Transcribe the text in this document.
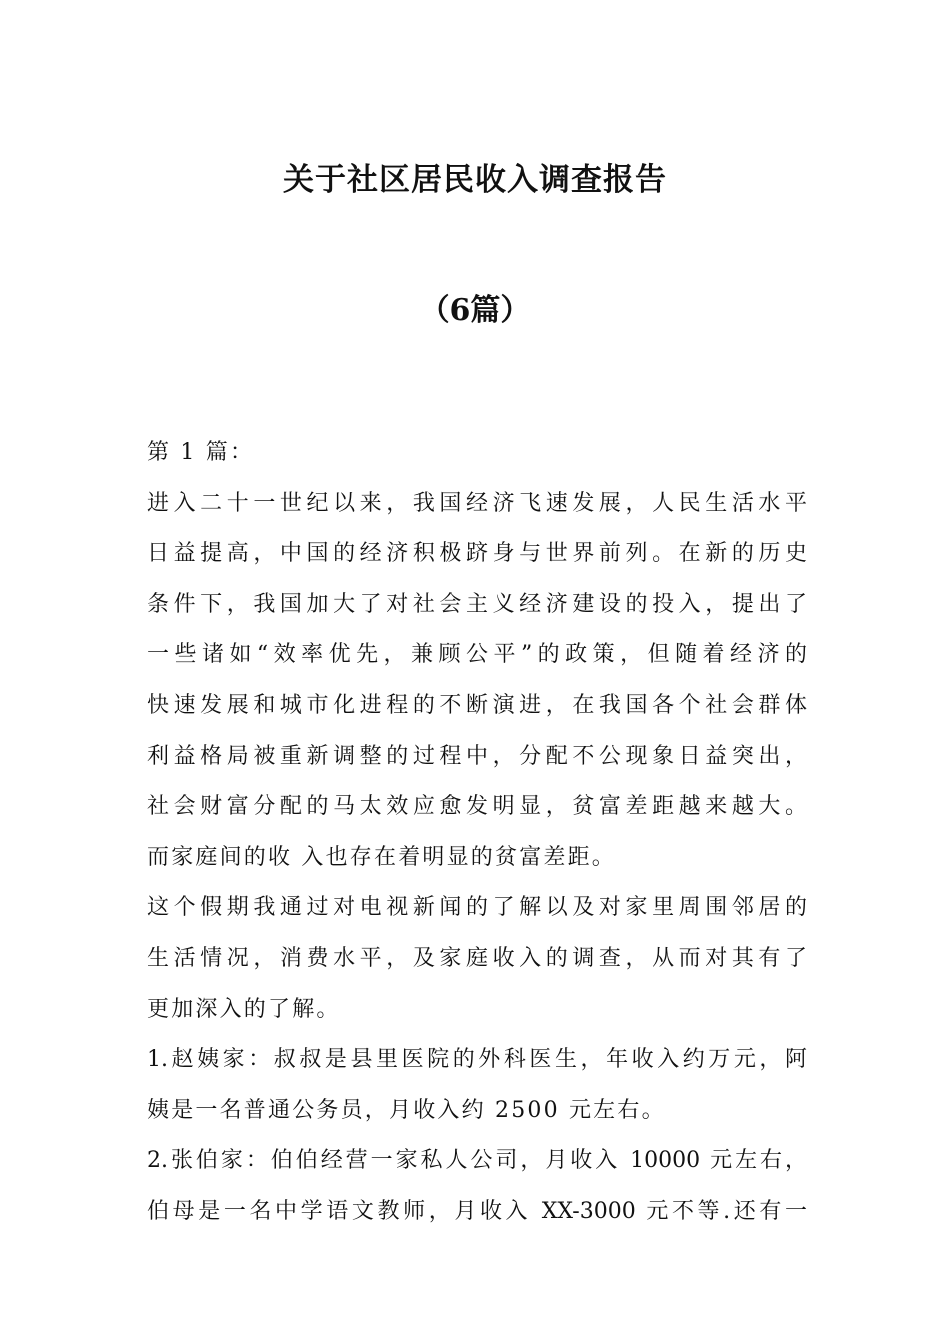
关于社区居民收入调查报告
（6篇）
第 1 篇：
进入二十一世纪以来，我国经济飞速发展，人民生活水平
日益提高，中国的经济积极跻身与世界前列。在新的历史
条件下，我国加大了对社会主义经济建设的投入，提出了
一些诸如“效率优先，兼顾公平”的政策，但随着经济的
快速发展和城市化进程的不断演进，在我国各个社会群体
利益格局被重新调整的过程中，分配不公现象日益突出，
社会财富分配的马太效应愈发明显，贫富差距越来越大。
而家庭间的收 入也存在着明显的贫富差距。
这个假期我通过对电视新闻的了解以及对家里周围邻居的
生活情况，消费水平，及家庭收入的调查，从而对其有了
更加深入的了解。
1.赵姨家：叔叔是县里医院的外科医生，年收入约万元，阿
姨是一名普通公务员，月收入约 2500 元左右。
2.张伯家：伯伯经营一家私人公司，月收入 10000 元左右，
伯母是一名中学语文教师，月收入 XX-3000 元不等.还有一
